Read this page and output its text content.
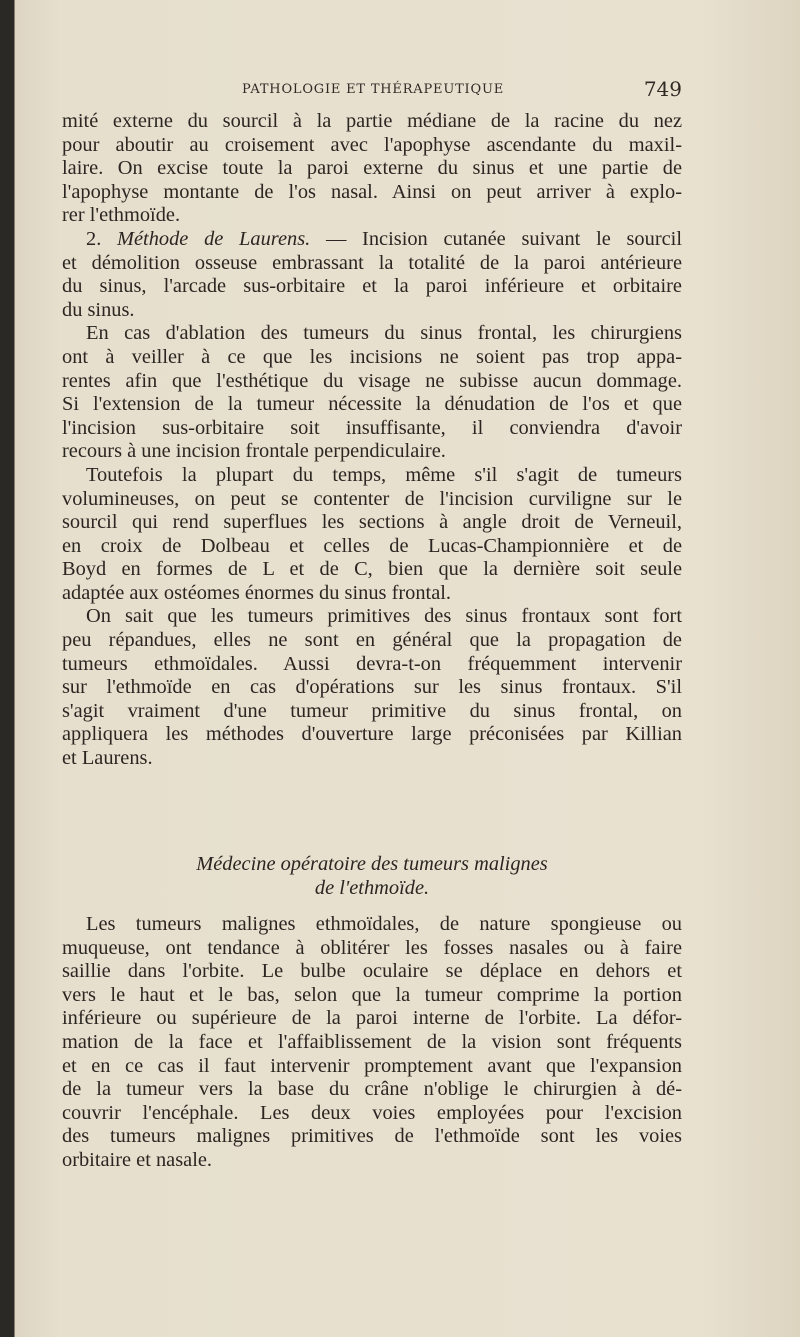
PATHOLOGIE ET THÉRAPEUTIQUE	749

mité externe du sourcil à la partie médiane de la racine du nez
pour aboutir au croisement avec l'apophyse ascendante du maxil-
laire. On excise toute la paroi externe du sinus et une partie de
l'apophyse montante de l'os nasal. Ainsi on peut arriver à explo-
rer l'ethmoïde.

2. Méthode de Laurens. — Incision cutanée suivant le sourcil
et démolition osseuse embrassant la totalité de la paroi antérieure
du sinus, l'arcade sus-orbitaire et la paroi inférieure et orbitaire
du sinus.

En cas d'ablation des tumeurs du sinus frontal, les chirurgiens
ont à veiller à ce que les incisions ne soient pas trop appa-
rentes afin que l'esthétique du visage ne subisse aucun dommage.
Si l'extension de la tumeur nécessite la dénudation de l'os et que
l'incision sus-orbitaire soit insuffisante, il conviendra d'avoir
recours à une incision frontale perpendiculaire.

Toutefois la plupart du temps, même s'il s'agit de tumeurs
volumineuses, on peut se contenter de l'incision curviligne sur le
sourcil qui rend superflues les sections à angle droit de Verneuil,
en croix de Dolbeau et celles de Lucas-Championnière et de
Boyd en formes de L et de C, bien que la dernière soit seule
adaptée aux ostéomes énormes du sinus frontal.

On sait que les tumeurs primitives des sinus frontaux sont fort
peu répandues, elles ne sont en général que la propagation de
tumeurs ethmoïdales. Aussi devra-t-on fréquemment intervenir
sur l'ethmoïde en cas d'opérations sur les sinus frontaux. S'il
s'agit vraiment d'une tumeur primitive du sinus frontal, on
appliquera les méthodes d'ouverture large préconisées par Killian
et Laurens.

Médecine opératoire des tumeurs malignes
de l'ethmoïde.

Les tumeurs malignes ethmoïdales, de nature spongieuse ou
muqueuse, ont tendance à oblitérer les fosses nasales ou à faire
saillie dans l'orbite. Le bulbe oculaire se déplace en dehors et
vers le haut et le bas, selon que la tumeur comprime la portion
inférieure ou supérieure de la paroi interne de l'orbite. La défor-
mation de la face et l'affaiblissement de la vision sont fréquents
et en ce cas il faut intervenir promptement avant que l'expansion
de la tumeur vers la base du crâne n'oblige le chirurgien à dé-
couvrir l'encéphale. Les deux voies employées pour l'excision
des tumeurs malignes primitives de l'ethmoïde sont les voies
orbitaire et nasale.
